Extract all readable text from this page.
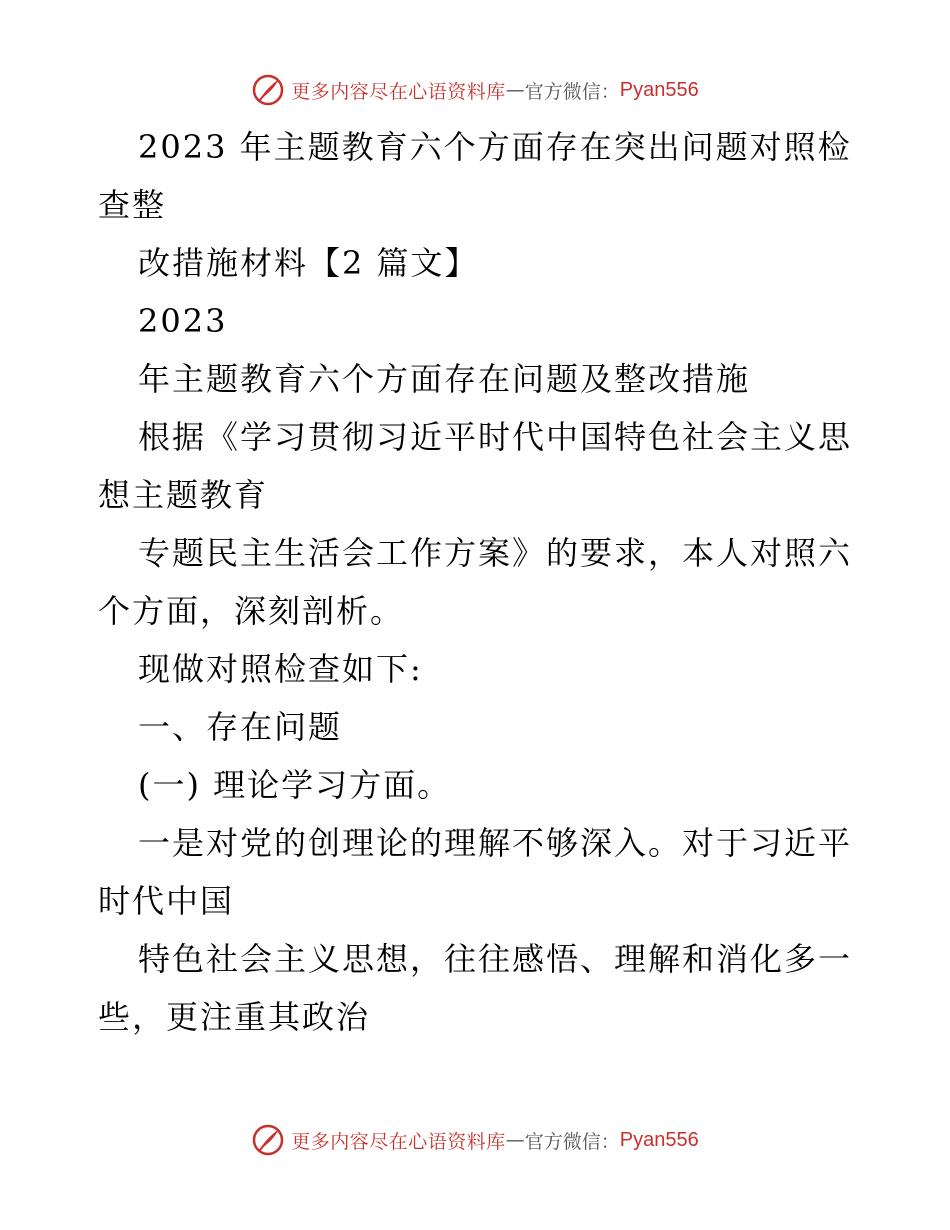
更多内容尽在心语资料库 — 官方微信： Pyan556
2023 年主题教育六个方面存在突出问题对照检
查整
改措施材料【2 篇文】
2023
年主题教育六个方面存在问题及整改措施
根据《学习贯彻习近平时代中国特色社会主义思
想主题教育
专题民主生活会工作方案》的要求，本人对照六
个方面，深刻剖析。
现做对照检查如下:
一、存在问题
(一) 理论学习方面。
一是对党的创理论的理解不够深入。对于习近平
时代中国
特色社会主义思想，往往感悟、理解和消化多一
些，更注重其政治
更多内容尽在心语资料库 — 官方微信： Pyan556
